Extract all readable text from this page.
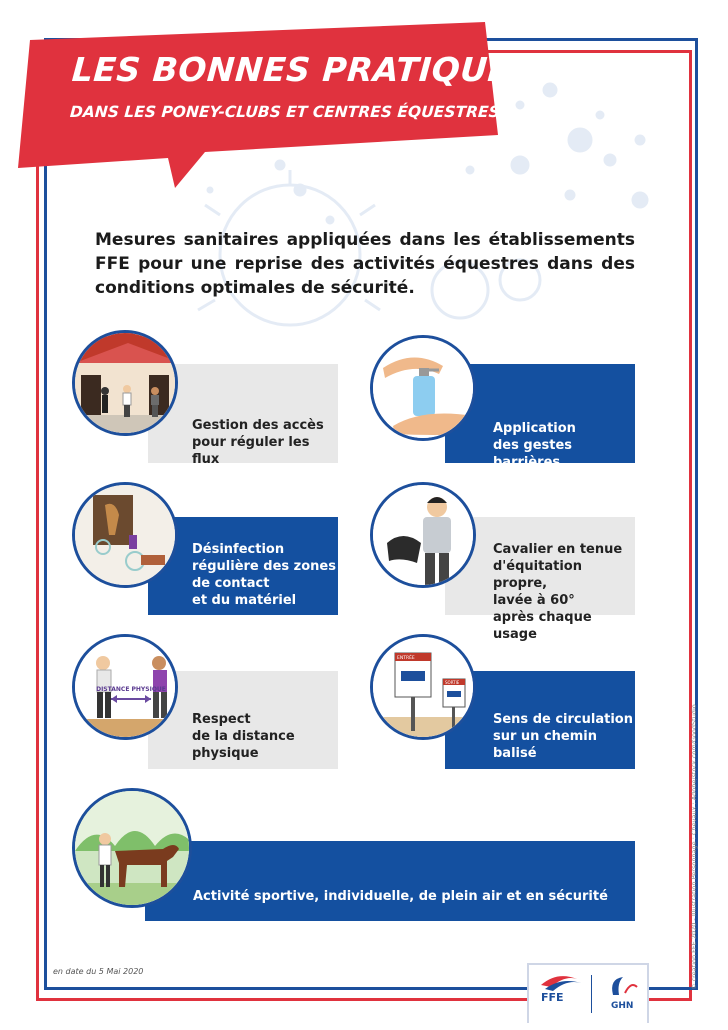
LES BONNES PRATIQUES
DANS LES PONEY-CLUBS ET CENTRES ÉQUESTRES
Mesures sanitaires appliquées dans les établissements FFE pour une reprise des activités équestres dans des conditions optimales de sécurité.
Gestion des accès
pour réguler les flux
Application
des gestes barrières
Désinfection
régulière des zones
de contact
et du matériel
Cavalier en tenue
d'équitation propre,
lavée à 60°
après chaque usage
Respect
de la distance
physique
DISTANCE PHYSIQUE
Sens de circulation
sur un chemin
balisé
ENTRÉE
SORTIE
Activité sportive, individuelle, de plein air et en sécurité
en date du 5 Mai 2020	© création FFE 2020 - Illustration Personnage : Chevaux : Adobe/stock.com/GoodStudio
FFE
GHN
